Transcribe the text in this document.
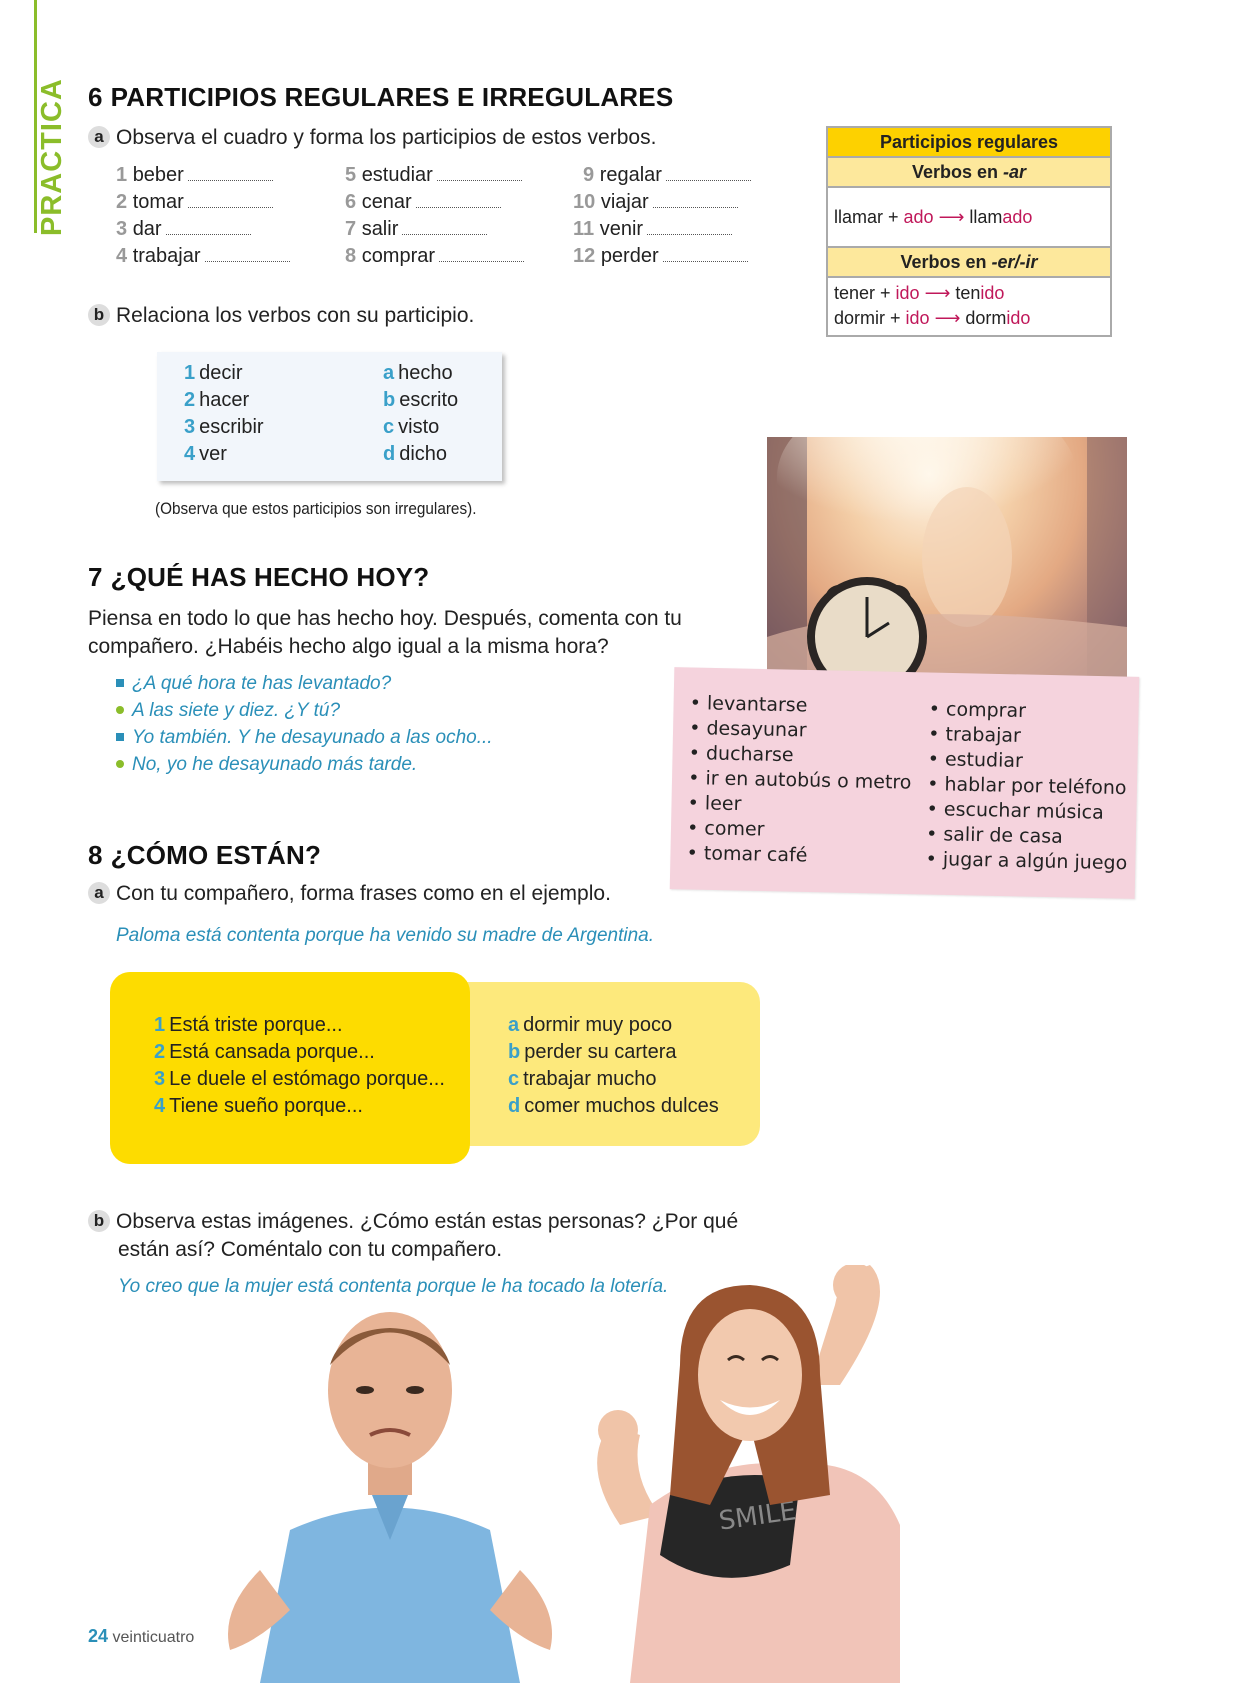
PRACTICA 6 PARTICIPIOS REGULARES E IRREGULARES
a Observa el cuadro y forma los participios de estos verbos.
1 beber
2 tomar
3 dar
4 trabajar
5 estudiar
6 cenar
7 salir
8 comprar
9 regalar
10 viajar
11 venir
12 perder
Participios regulares
Verbos en -ar
llamar + ado ⟶ llamado
Verbos en -er/-ir
tener + ido ⟶ tenido
dormir + ido ⟶ dormido
b Relaciona los verbos con su participio.
1 decir
2 hacer
3 escribir
4 ver
a hecho
b escrito
c visto
d dicho
(Observa que estos participios son irregulares).
• levantarse
• desayunar
• ducharse
• ir en autobús o metro
• leer
• comer
• tomar café
• comprar
• trabajar
• estudiar
• hablar por teléfono
• escuchar música
• salir de casa
• jugar a algún juego
7 ¿QUÉ HAS HECHO HOY?
Piensa en todo lo que has hecho hoy. Después, comenta con tu
compañero. ¿Habéis hecho algo igual a la misma hora?
¿A qué hora te has levantado?
A las siete y diez. ¿Y tú?
Yo también. Y he desayunado a las ocho...
No, yo he desayunado más tarde.
8 ¿CÓMO ESTÁN?
a Con tu compañero, forma frases como en el ejemplo.
Paloma está contenta porque ha venido su madre de Argentina.
1 Está triste porque...
2 Está cansada porque...
3 Le duele el estómago porque...
4 Tiene sueño porque...
a dormir muy poco
b perder su cartera
c trabajar mucho
d comer muchos dulces
b Observa estas imágenes. ¿Cómo están estas personas? ¿Por qué
están así? Coméntalo con tu compañero.
Yo creo que la mujer está contenta porque le ha tocado la lotería.
SMILE
24 veinticuatro
